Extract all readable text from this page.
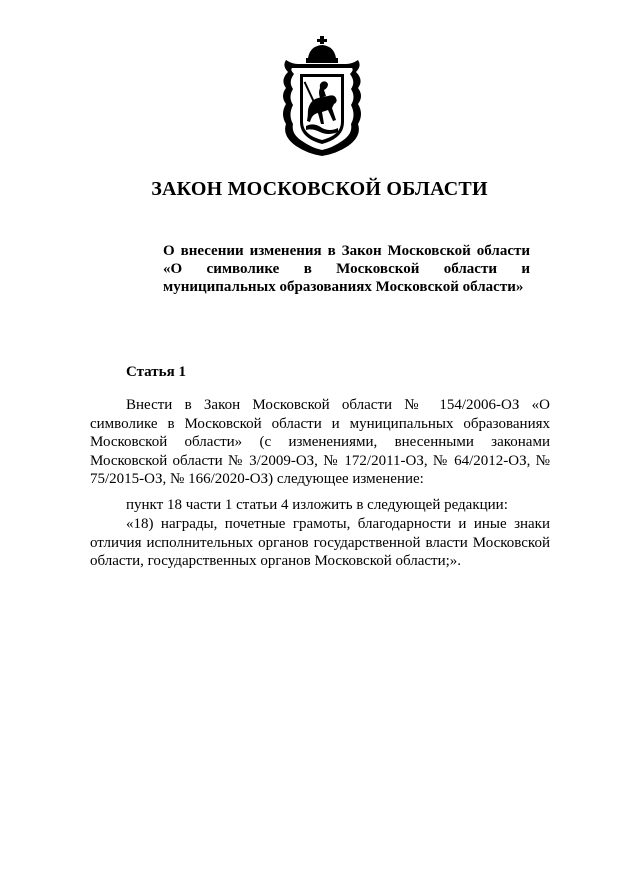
ЗАКОН МОСКОВСКОЙ ОБЛАСТИ

О внесении изменения в Закон Московской области «О символике в Московской области и муниципальных образованиях Московской области»

Статья 1

Внести в Закон Московской области № 154/2006-ОЗ «О символике в Московской области и муниципальных образованиях Московской области» (с изменениями, внесенными законами Московской области № 3/2009-ОЗ, № 172/2011-ОЗ, № 64/2012-ОЗ, № 75/2015-ОЗ, № 166/2020-ОЗ) следующее изменение:

пункт 18 части 1 статьи 4 изложить в следующей редакции:

«18) награды, почетные грамоты, благодарности и иные знаки отличия исполнительных органов государственной власти Московской области, государственных органов Московской области;».
